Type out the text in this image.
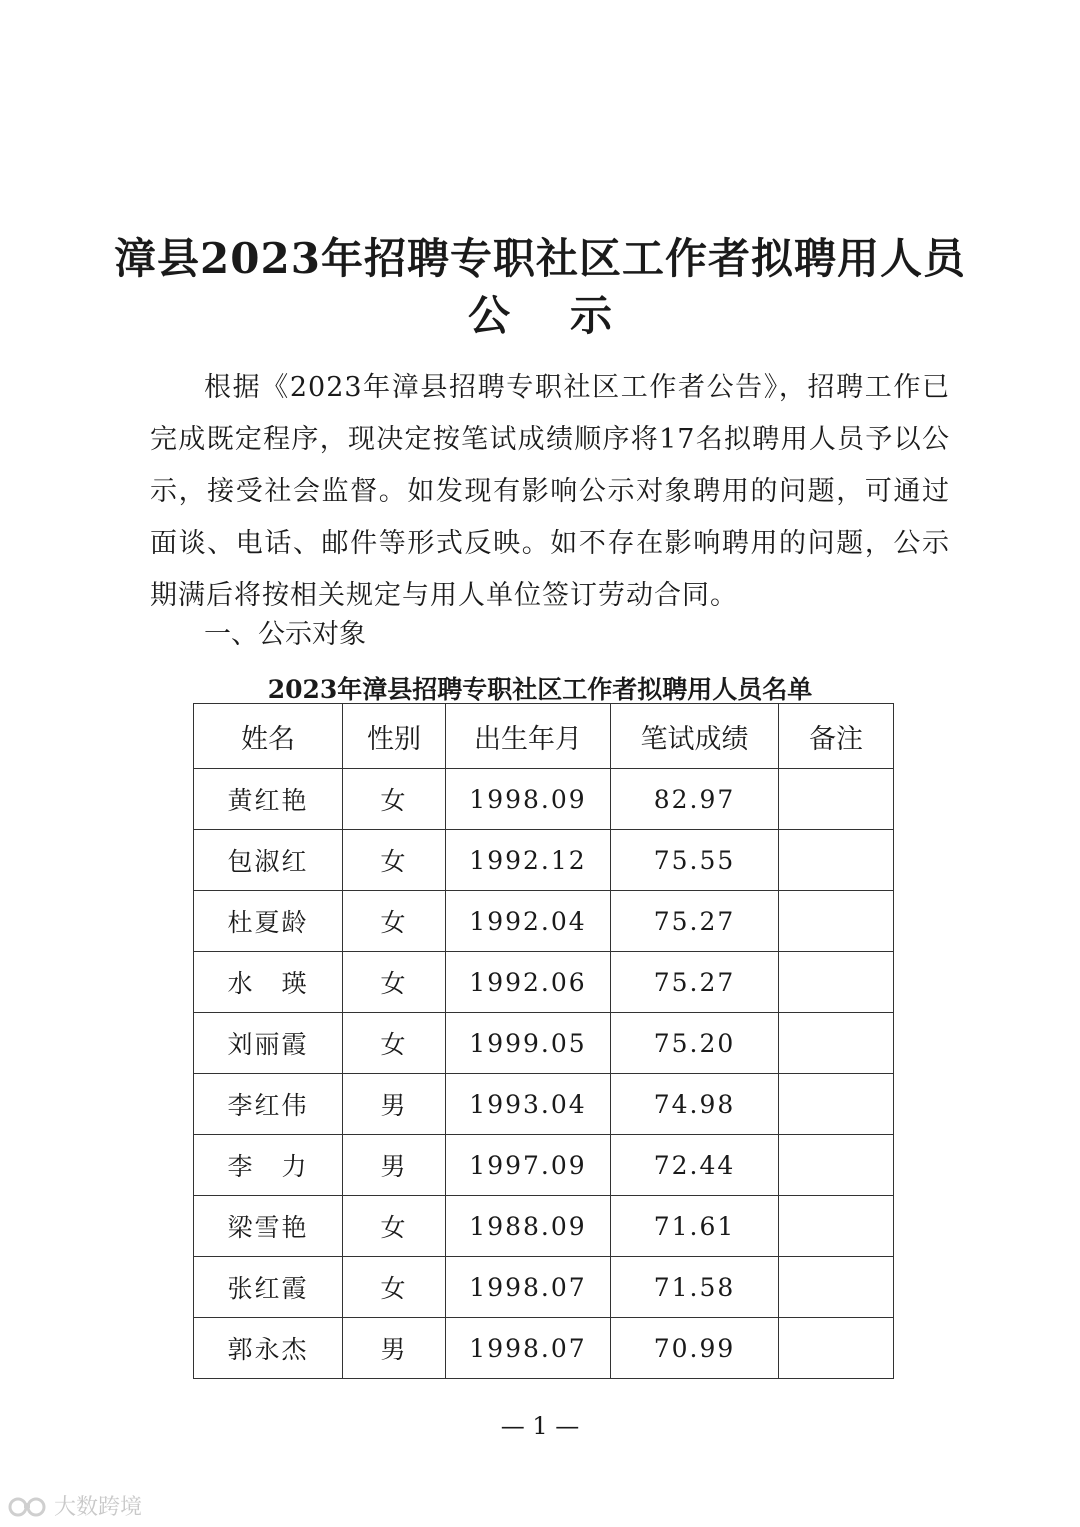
漳县2023年招聘专职社区工作者拟聘用人员
公示

根据《2023年漳县招聘专职社区工作者公告》，招聘工作已完成既定程序，现决定按笔试成绩顺序将17名拟聘用人员予以公示，接受社会监督。如发现有影响公示对象聘用的问题，可通过面谈、电话、邮件等形式反映。如不存在影响聘用的问题，公示期满后将按相关规定与用人单位签订劳动合同。

一、公示对象

2023年漳县招聘专职社区工作者拟聘用人员名单

姓名	性别	出生年月	笔试成绩	备注
黄红艳	女	1998.09	82.97	
包淑红	女	1992.12	75.55	
杜夏龄	女	1992.04	75.27	
水　瑛	女	1992.06	75.27	
刘丽霞	女	1999.05	75.20	
李红伟	男	1993.04	74.98	
李　力	男	1997.09	72.44	
梁雪艳	女	1988.09	71.61	
张红霞	女	1998.07	71.58	
郭永杰	男	1998.07	70.99	

— 1 —

大数跨境
